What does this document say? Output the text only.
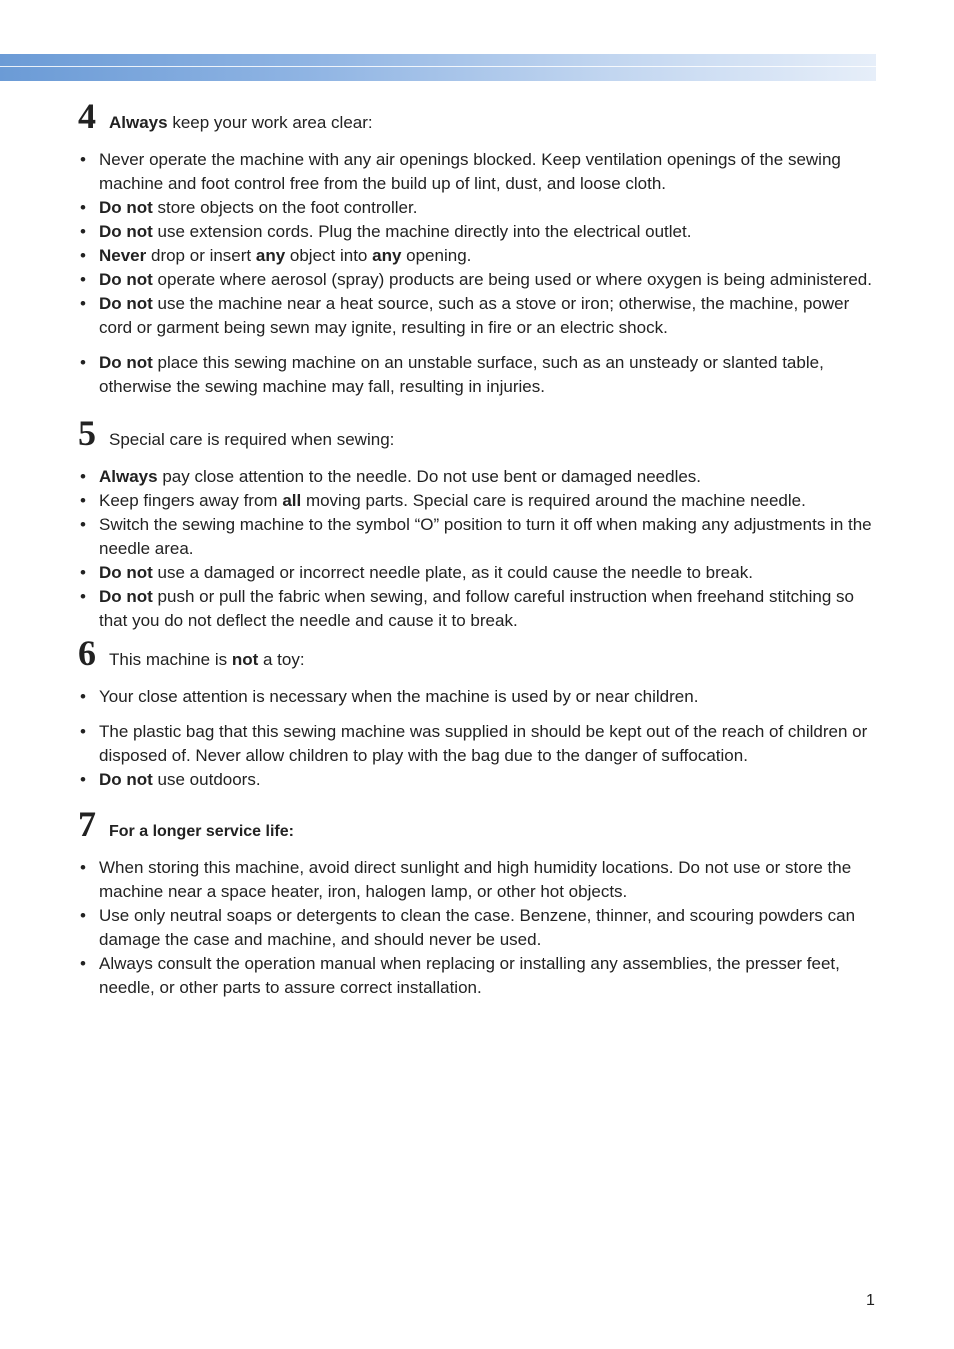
4 Always keep your work area clear:
• Never operate the machine with any air openings blocked. Keep ventilation openings of the sewing machine and foot control free from the build up of lint, dust, and loose cloth.
• Do not store objects on the foot controller.
• Do not use extension cords. Plug the machine directly into the electrical outlet.
• Never drop or insert any object into any opening.
• Do not operate where aerosol (spray) products are being used or where oxygen is being administered.
• Do not use the machine near a heat source, such as a stove or iron; otherwise, the machine, power cord or garment being sewn may ignite, resulting in fire or an electric shock.
• Do not place this sewing machine on an unstable surface, such as an unsteady or slanted table, otherwise the sewing machine may fall, resulting in injuries.
5 Special care is required when sewing:
• Always pay close attention to the needle. Do not use bent or damaged needles.
• Keep fingers away from all moving parts. Special care is required around the machine needle.
• Switch the sewing machine to the symbol “O” position to turn it off when making any adjustments in the needle area.
• Do not use a damaged or incorrect needle plate, as it could cause the needle to break.
• Do not push or pull the fabric when sewing, and follow careful instruction when freehand stitching so that you do not deflect the needle and cause it to break.
6 This machine is not a toy:
• Your close attention is necessary when the machine is used by or near children.
• The plastic bag that this sewing machine was supplied in should be kept out of the reach of children or disposed of. Never allow children to play with the bag due to the danger of suffocation.
• Do not use outdoors.
7 For a longer service life:
• When storing this machine, avoid direct sunlight and high humidity locations. Do not use or store the machine near a space heater, iron, halogen lamp, or other hot objects.
• Use only neutral soaps or detergents to clean the case. Benzene, thinner, and scouring powders can damage the case and machine, and should never be used.
• Always consult the operation manual when replacing or installing any assemblies, the presser feet, needle, or other parts to assure correct installation.
1
